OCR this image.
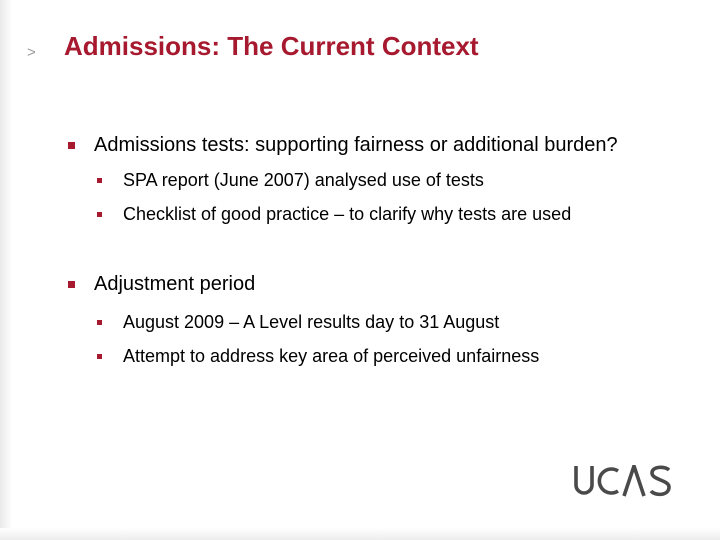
> Admissions: The Current Context
Admissions tests: supporting fairness or additional burden?
SPA report (June 2007) analysed use of tests
Checklist of good practice – to clarify why tests are used
Adjustment period
August 2009 – A Level results day to 31 August
Attempt to address key area of perceived unfairness
